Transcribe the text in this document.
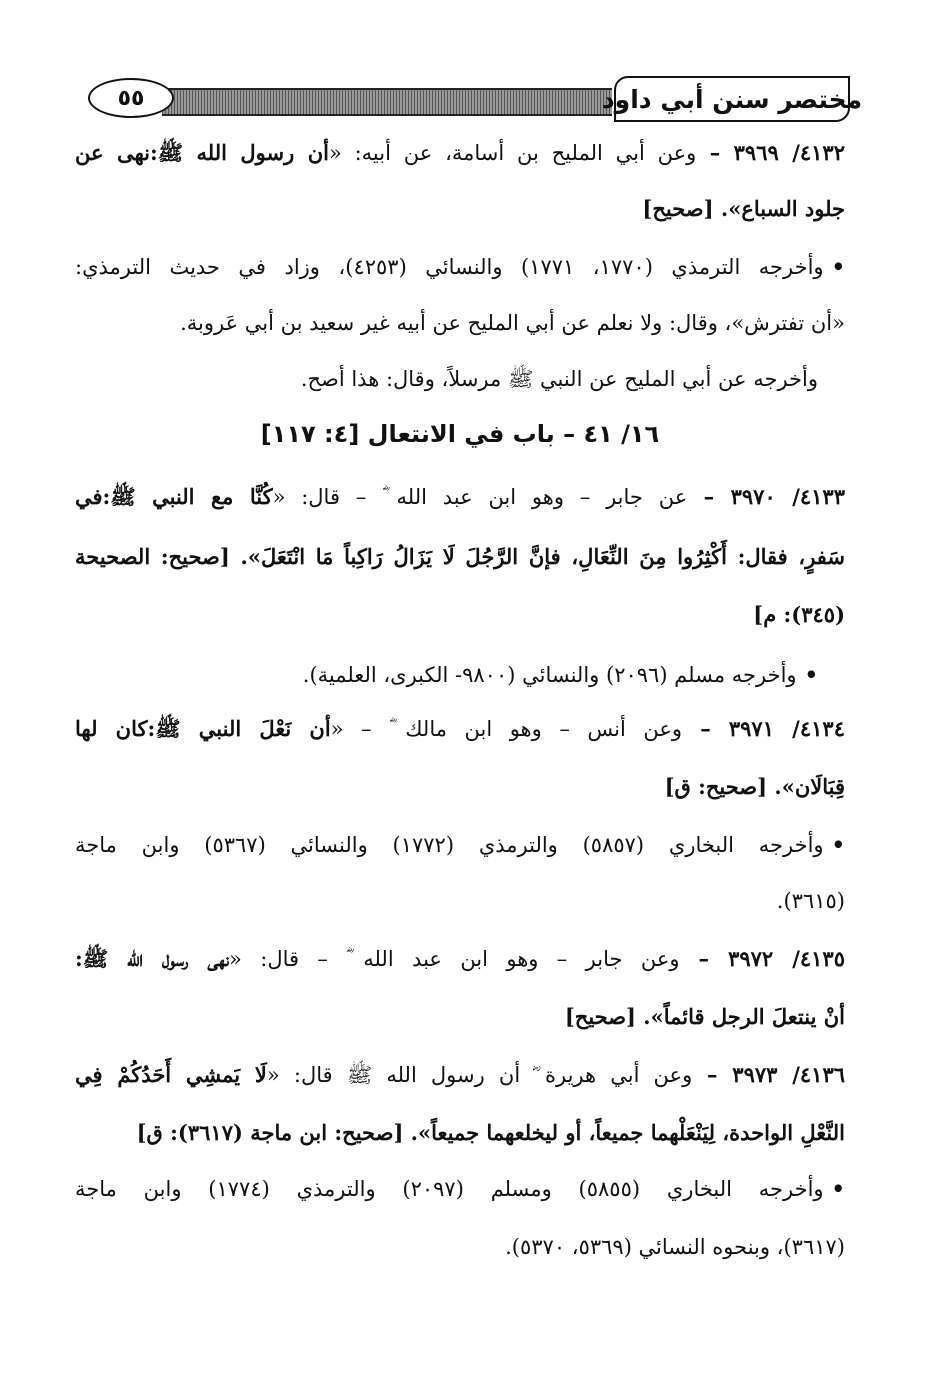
مختصر سنن أبي داود
٥٥
٤١٣٢/ ٣٩٦٩ – وعن أبي المليح بن أسامة، عن أبيه: «أن رسول الله ﷺ:نهى عن
جلود السباع». [صحيح]
•وأخرجه الترمذي (١٧٧٠، ١٧٧١) والنسائي (٤٢٥٣)، وزاد في حديث الترمذي:
«أن تفترش»، وقال: ولا نعلم عن أبي المليح عن أبيه غير سعيد بن أبي عَروبة.
وأخرجه عن أبي المليح عن النبي ﷺ مرسلاً، وقال: هذا أصح.
١٦/ ٤١ – باب في الانتعال [٤: ١١٧]
٤١٣٣/ ٣٩٧٠ – عن جابر – وهو ابن عبد الله ؓ – قال: «كُنَّا مع النبي ﷺ:في
سَفرٍ، فقال: أَكْثِرُوا مِنَ النِّعَالِ، فإنَّ الرَّجُلَ لَا يَزَالُ رَاكِباً مَا انْتَعَلَ». [صحيح: الصحيحة
(٣٤٥): م]
•وأخرجه مسلم (٢٠٩٦) والنسائي (٩٨٠٠- الكبرى، العلمية).
٤١٣٤/ ٣٩٧١ – وعن أنس – وهو ابن مالك ؓ – «أن نَعْلَ النبي ﷺ:كان لها
قِبَالَان». [صحيح: ق]
•وأخرجه البخاري (٥٨٥٧) والترمذي (١٧٧٢) والنسائي (٥٣٦٧) وابن ماجة
(٣٦١٥).
٤١٣٥/ ٣٩٧٢ – وعن جابر – وهو ابن عبد الله ؓ – قال: «نهى رسول الله ﷺ:
أنْ ينتعلَ الرجل قائماً». [صحيح]
٤١٣٦/ ٣٩٧٣ – وعن أبي هريرة ؓ أن رسول الله ﷺ قال: «لَا يَمشِي أَحَدُكُمْ فِي
النَّعْلِ الواحدة، لِيَنْعَلْهما جميعاً، أو ليخلعهما جميعاً». [صحيح: ابن ماجة (٣٦١٧): ق]
•وأخرجه البخاري (٥٨٥٥) ومسلم (٢٠٩٧) والترمذي (١٧٧٤) وابن ماجة
(٣٦١٧)، وبنحوه النسائي (٥٣٦٩، ٥٣٧٠).
